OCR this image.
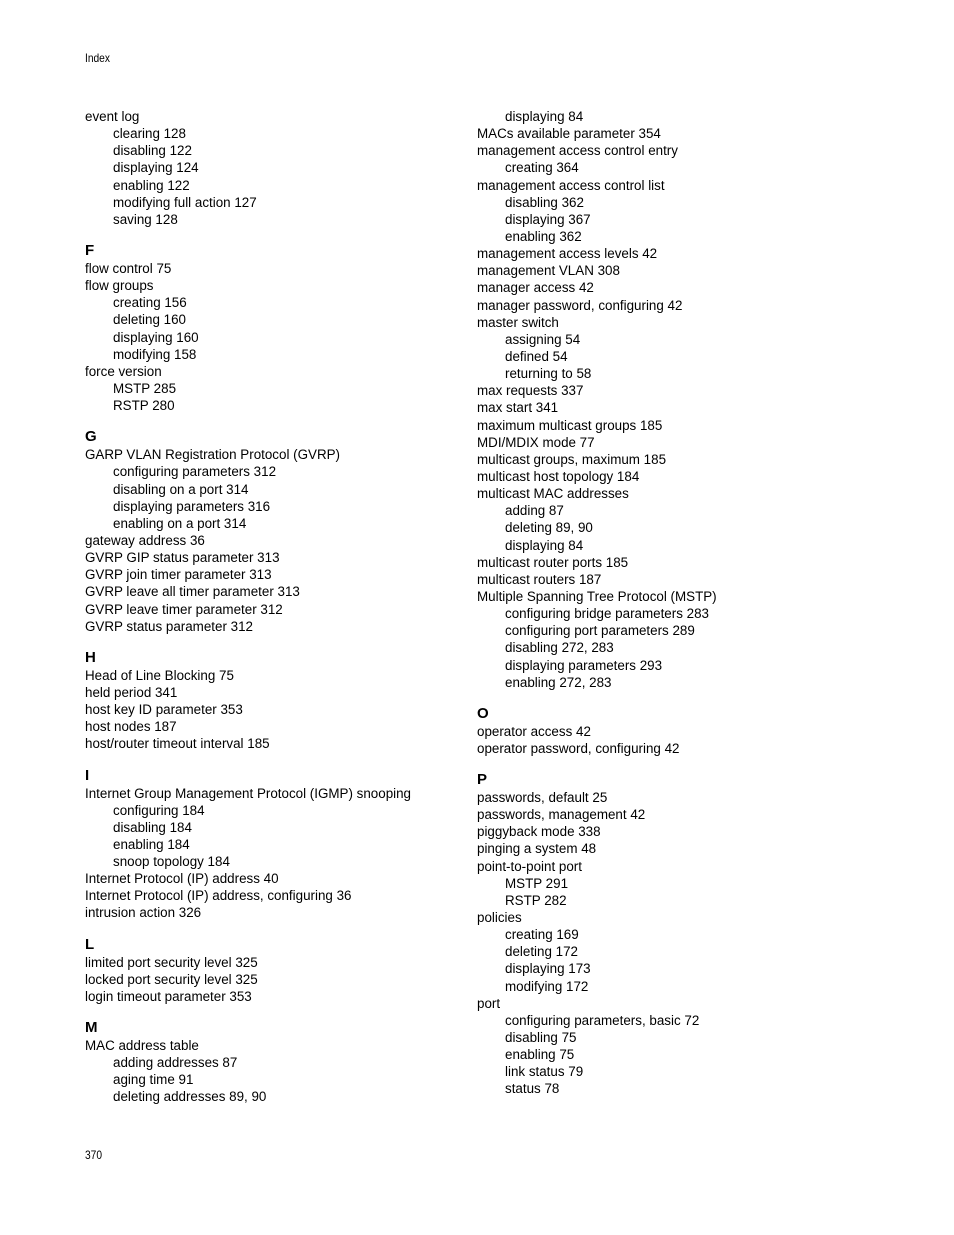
Index
event log
clearing 128
disabling 122
displaying 124
enabling 122
modifying full action 127
saving 128
F
flow control 75
flow groups
creating 156
deleting 160
displaying 160
modifying 158
force version
MSTP 285
RSTP 280
G
GARP VLAN Registration Protocol (GVRP)
configuring parameters 312
disabling on a port 314
displaying parameters 316
enabling on a port 314
gateway address 36
GVRP GIP status parameter 313
GVRP join timer parameter 313
GVRP leave all timer parameter 313
GVRP leave timer parameter 312
GVRP status parameter 312
H
Head of Line Blocking 75
held period 341
host key ID parameter 353
host nodes 187
host/router timeout interval 185
I
Internet Group Management Protocol (IGMP) snooping
configuring 184
disabling 184
enabling 184
snoop topology 184
Internet Protocol (IP) address 40
Internet Protocol (IP) address, configuring 36
intrusion action 326
L
limited port security level 325
locked port security level 325
login timeout parameter 353
M
MAC address table
adding addresses 87
aging time 91
deleting addresses 89, 90
displaying 84
MACs available parameter 354
management access control entry
creating 364
management access control list
disabling 362
displaying 367
enabling 362
management access levels 42
management VLAN 308
manager access 42
manager password, configuring 42
master switch
assigning 54
defined 54
returning to 58
max requests 337
max start 341
maximum multicast groups 185
MDI/MDIX mode 77
multicast groups, maximum 185
multicast host topology 184
multicast MAC addresses
adding 87
deleting 89, 90
displaying 84
multicast router ports 185
multicast routers 187
Multiple Spanning Tree Protocol (MSTP)
configuring bridge parameters 283
configuring port parameters 289
disabling 272, 283
displaying parameters 293
enabling 272, 283
O
operator access 42
operator password, configuring 42
P
passwords, default 25
passwords, management 42
piggyback mode 338
pinging a system 48
point-to-point port
MSTP 291
RSTP 282
policies
creating 169
deleting 172
displaying 173
modifying 172
port
configuring parameters, basic 72
disabling 75
enabling 75
link status 79
status 78
370
